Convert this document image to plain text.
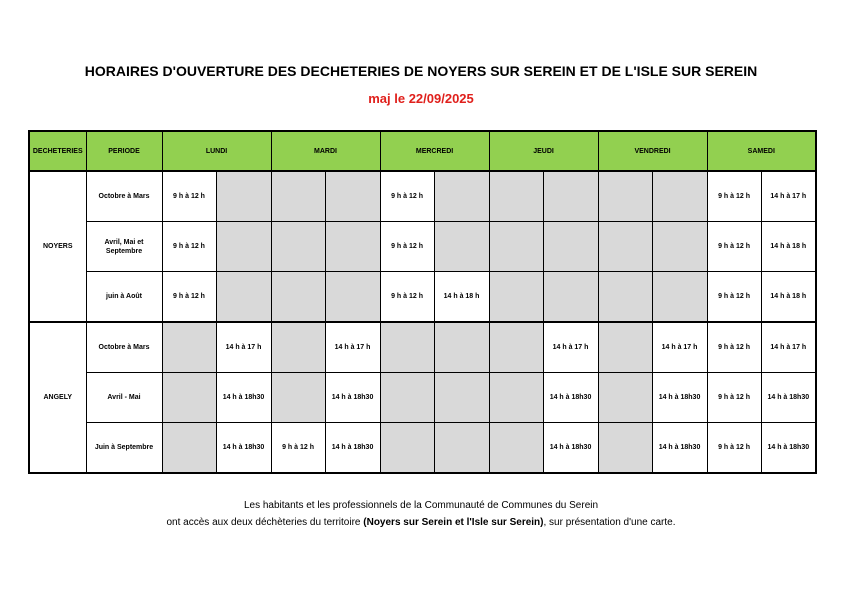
HORAIRES D'OUVERTURE DES DECHETERIES DE NOYERS SUR SEREIN ET DE L'ISLE SUR SEREIN
maj le 22/09/2025
DECHETERIES	PERIODE	LUNDI		MARDI		MERCREDI		JEUDI		VENDREDI		SAMEDI	
NOYERS	Octobre à Mars	9 h à 12 h				9 h à 12 h						9 h à 12 h	14 h à 17 h
	Avril, Mai et Septembre	9 h à 12 h				9 h à 12 h						9 h à 12 h	14 h à 18 h
	juin à Août	9 h à 12 h				9 h à 12 h	14 h à 18 h					9 h à 12 h	14 h à 18 h
ANGELY	Octobre à Mars		14 h à 17 h		14 h à 17 h				14 h à 17 h		14 h à 17 h	9 h à 12 h	14 h à 17 h
	Avril - Mai		14 h à 18h30		14 h à 18h30				14 h à 18h30		14 h à 18h30	9 h à 12 h	14 h à 18h30
	Juin à Septembre		14 h à 18h30	9 h à 12 h	14 h à 18h30				14 h à 18h30		14 h à 18h30	9 h à 12 h	14 h à 18h30
Les habitants et les professionnels de la Communauté de Communes du Serein
ont accès aux deux déchèteries du territoire (Noyers sur Serein et l'Isle sur Serein), sur présentation d'une carte.
